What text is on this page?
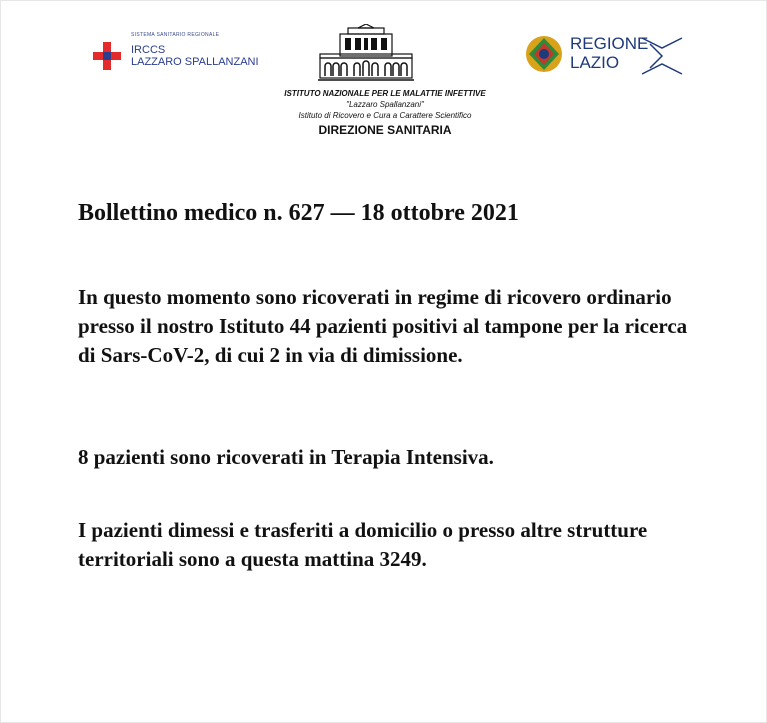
SISTEMA SANITARIO REGIONALE
IRCCS
LAZZARO SPALLANZANI
ISTITUTO NAZIONALE PER LE MALATTIE INFETTIVE
"Lazzaro Spallanzani"
Istituto di Ricovero e Cura a Carattere Scientifico
DIREZIONE SANITARIA
REGIONE
LAZIO
Bollettino medico n. 627 — 18 ottobre 2021
In questo momento sono ricoverati in regime di ricovero ordinario presso il nostro Istituto 44 pazienti positivi al tampone per la ricerca di Sars-CoV-2, di cui 2 in via di dimissione.
8 pazienti sono ricoverati in Terapia Intensiva.
I pazienti dimessi e trasferiti a domicilio o presso altre strutture territoriali sono a questa mattina 3249.
